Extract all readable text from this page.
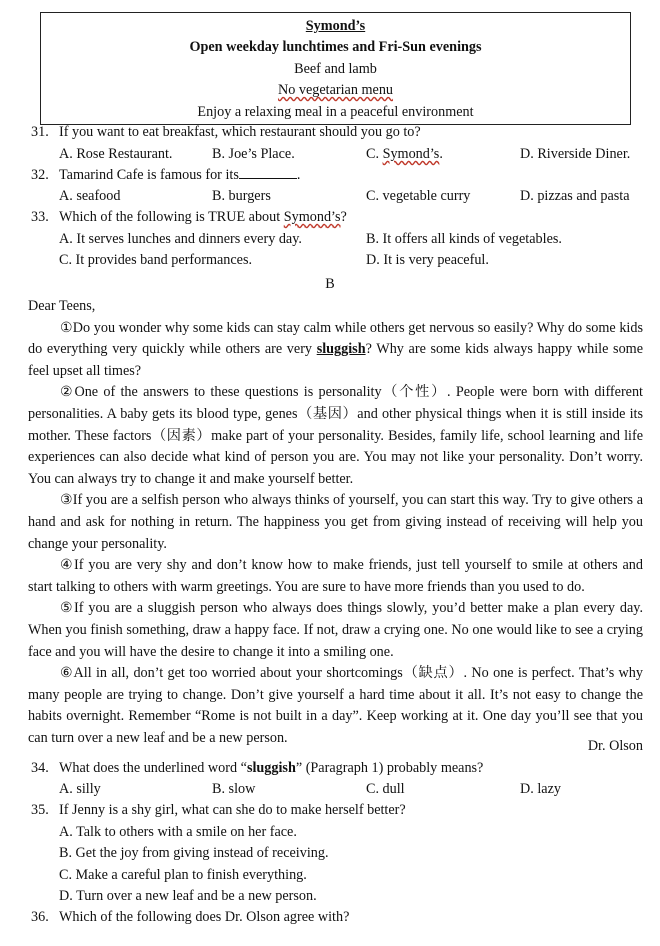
Symond’s
Open weekday lunchtimes and Fri-Sun evenings
Beef and lamb
No vegetarian menu
Enjoy a relaxing meal in a peaceful environment
31. If you want to eat breakfast, which restaurant should you go to?
A. Rose Restaurant.	B. Joe’s Place.	C. Symond’s.	D. Riverside Diner.
32. Tamarind Cafe is famous for its	.
A. seafood	B. burgers	C. vegetable curry	D. pizzas and pasta
33. Which of the following is TRUE about Symond’s?
A. It serves lunches and dinners every day.	B. It offers all kinds of vegetables.
C. It provides band performances.	D. It is very peaceful.
B

Dear Teens,

①Do you wonder why some kids can stay calm while others get nervous so easily? Why do some kids do everything very quickly while others are very sluggish? Why are some kids always happy while some feel upset all times?

②One of the answers to these questions is personality（个性）. People were born with different personalities. A baby gets its blood type, genes（基因）and other physical things when it is still inside its mother. These factors（因素）make part of your personality. Besides, family life, school learning and life experiences can also decide what kind of person you are. You may not like your personality. Don’t worry. You can always try to change it and make yourself better.

③If you are a selfish person who always thinks of yourself, you can start this way. Try to give others a hand and ask for nothing in return. The happiness you get from giving instead of receiving will help you change your personality.

④If you are very shy and don’t know how to make friends, just tell yourself to smile at others and start talking to others with warm greetings. You are sure to have more friends than you used to do.

⑤If you are a sluggish person who always does things slowly, you’d better make a plan every day. When you finish something, draw a happy face. If not, draw a crying one. No one would like to see a crying face and you will have the desire to change it into a smiling one.

⑥All in all, don’t get too worried about your shortcomings（缺点）. No one is perfect. That’s why many people are trying to change. Don’t give yourself a hard time about it all. It’s not easy to change the habits overnight. Remember “Rome is not built in a day”. Keep working at it. One day you’ll see that you can turn over a new leaf and be a new person.

Dr. Olson
34. What does the underlined word “sluggish” (Paragraph 1) probably means?
A. silly	B. slow	C. dull	D. lazy
35. If Jenny is a shy girl, what can she do to make herself better?
A. Talk to others with a smile on her face.
B. Get the joy from giving instead of receiving.
C. Make a careful plan to finish everything.
D. Turn over a new leaf and be a new person.
36. Which of the following does Dr. Olson agree with?
